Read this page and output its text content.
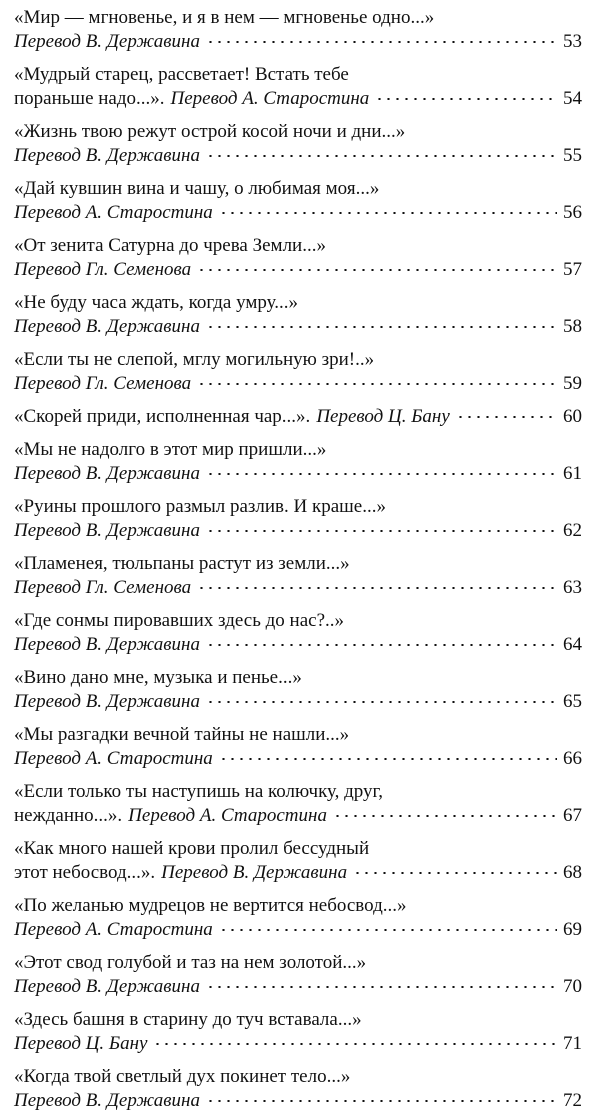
«Мир — мгновенье, и я в нем — мгновенье одно...»
Перевод В. Державина	53
«Мудрый старец, рассветает! Встать тебе
пораньше надо...». Перевод А. Старостина	54
«Жизнь твою режут острой косой ночи и дни...»
Перевод В. Державина	55
«Дай кувшин вина и чашу, о любимая моя...»
Перевод А. Старостина	56
«От зенита Сатурна до чрева Земли...»
Перевод Гл. Семенова	57
«Не буду часа ждать, когда умру...»
Перевод В. Державина	58
«Если ты не слепой, мглу могильную зри!..»
Перевод Гл. Семенова	59
«Скорей приди, исполненная чар...». Перевод Ц. Бану	60
«Мы не надолго в этот мир пришли...»
Перевод В. Державина	61
«Руины прошлого размыл разлив. И краше...»
Перевод В. Державина	62
«Пламенея, тюльпаны растут из земли...»
Перевод Гл. Семенова	63
«Где сонмы пировавших здесь до нас?..»
Перевод В. Державина	64
«Вино дано мне, музыка и пенье...»
Перевод В. Державина	65
«Мы разгадки вечной тайны не нашли...»
Перевод А. Старостина	66
«Если только ты наступишь на колючку, друг,
нежданно...». Перевод А. Старостина	67
«Как много нашей крови пролил бессудный
этот небосвод...». Перевод В. Державина	68
«По желанью мудрецов не вертится небосвод...»
Перевод А. Старостина	69
«Этот свод голубой и таз на нем золотой...»
Перевод В. Державина	70
«Здесь башня в старину до туч вставала...»
Перевод Ц. Бану	71
«Когда твой светлый дух покинет тело...»
Перевод В. Державина	72
